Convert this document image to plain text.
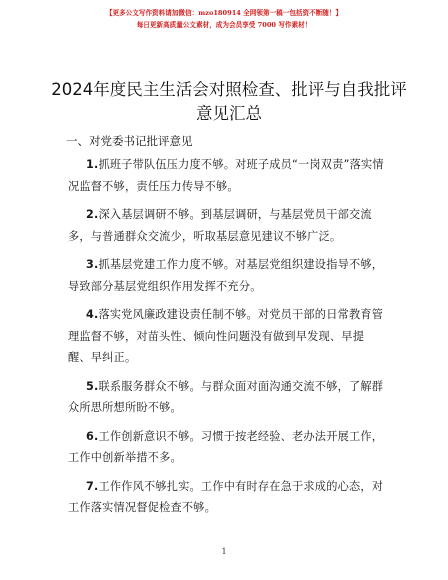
【更多公文写作资料请加微信：mzo180914 全网领第一稿一包括资不断随！】
每日更新高质量公文素材，成为会员享受 7000 写作素材！
2024年度民主生活会对照检查、批评与自我批评意见汇总
一、对党委书记批评意见

1.抓班子带队伍压力度不够。对班子成员“一岗双责”落实情况监督不够，责任压力传导不够。

2.深入基层调研不够。到基层调研，与基层党员干部交流多，与普通群众交流少，听取基层意见建议不够广泛。

3.抓基层党建工作力度不够。对基层党组织建设指导不够，导致部分基层党组织作用发挥不充分。

4.落实党风廉政建设责任制不够。对党员干部的日常教育管理监督不够，对苗头性、倾向性问题没有做到早发现、早提醒、早纠正。

5.联系服务群众不够。与群众面对面沟通交流不够，了解群众所思所想所盼不够。

6.工作创新意识不够。习惯于按老经验、老办法开展工作，工作中创新举措不多。

7.工作作风不够扎实。工作中有时存在急于求成的心态，对工作落实情况督促检查不够。

1
